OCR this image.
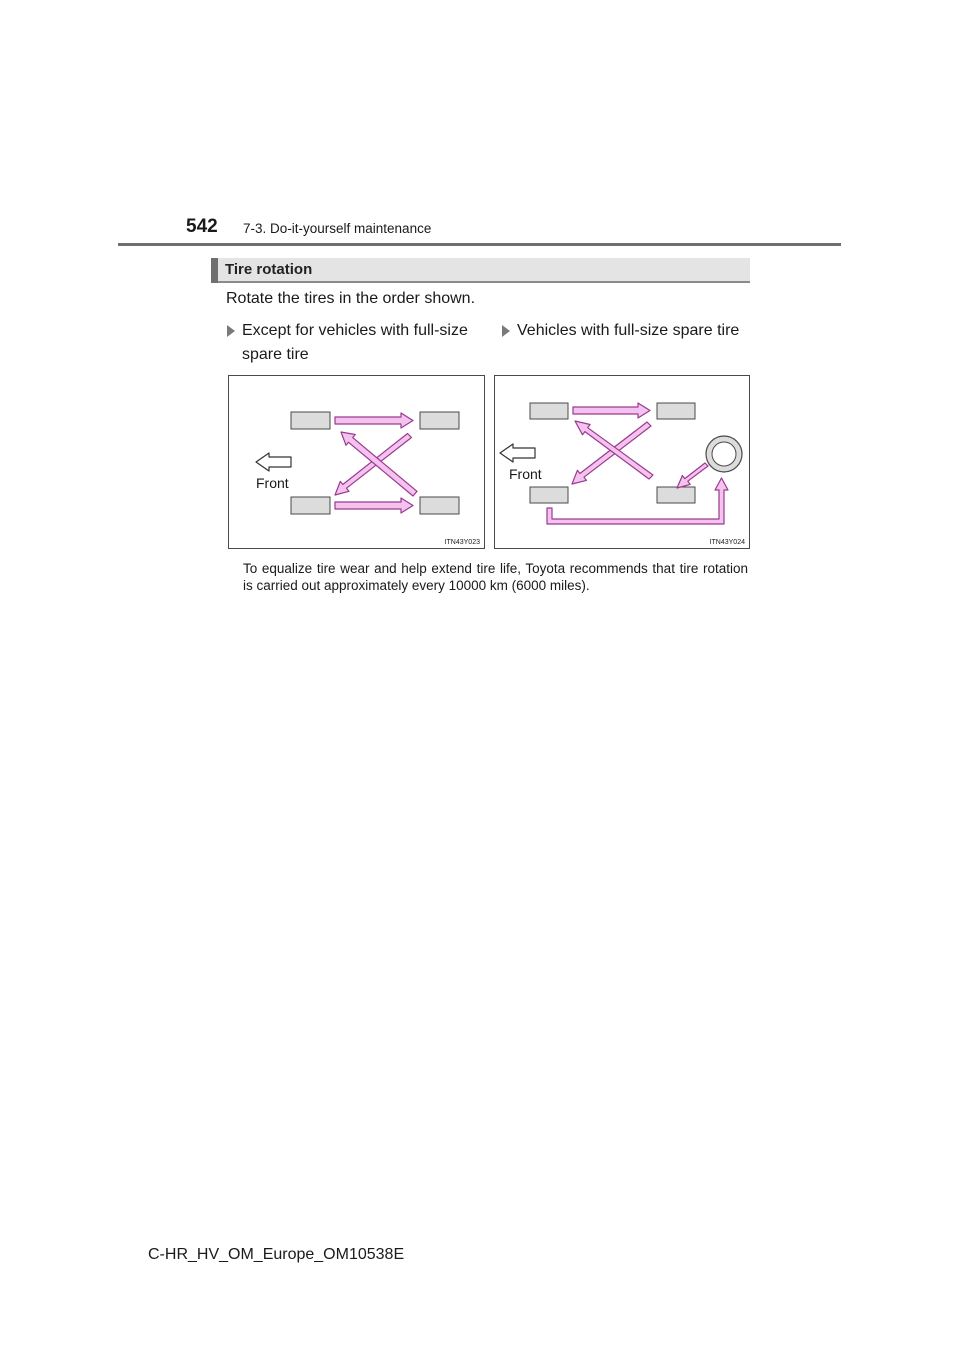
542 7-3. Do-it-yourself maintenance
Tire rotation
Rotate the tires in the order shown.
Except for vehicles with full-size spare tire
Vehicles with full-size spare tire
Front
ITN43Y023
Front
ITN43Y024
To equalize tire wear and help extend tire life, Toyota recommends that tire rotation is carried out approximately every 10000 km (6000 miles).
C-HR_HV_OM_Europe_OM10538E
